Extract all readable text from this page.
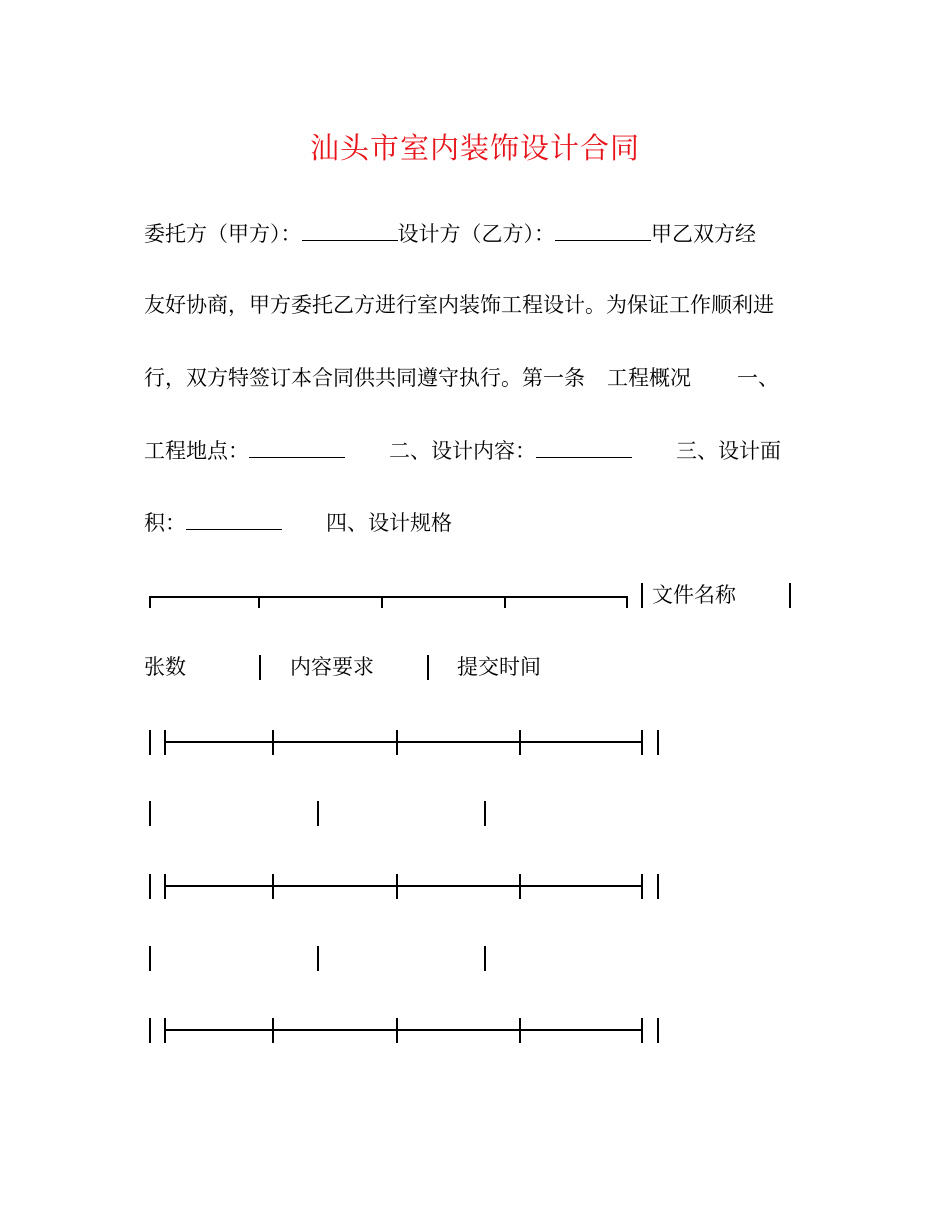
汕头市室内装饰设计合同
委托方（甲方）：	设计方（乙方）：	甲乙双方经
友好协商，甲方委托乙方进行室内装饰工程设计。为保证工作顺利进
行，双方特签订本合同供共同遵守执行。第一条 工程概况 一、
工程地点：	二、设计内容：	三、设计面
积：	四、设计规格
文件名称
张数	内容要求	提交时间
